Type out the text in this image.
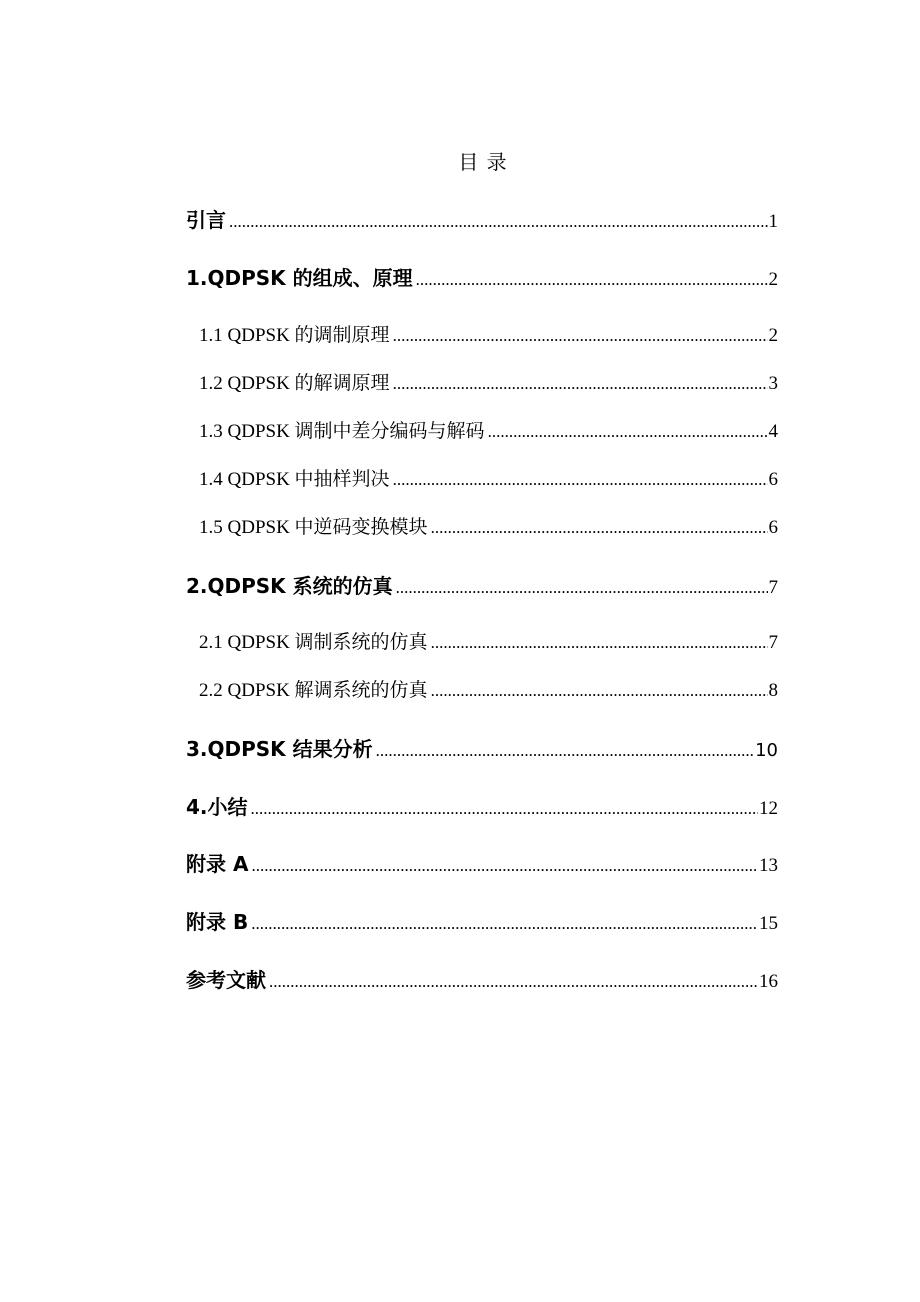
目 录
引言 .....	1
1.QDPSK 的组成、原理 .....	2
1.1 QDPSK 的调制原理 .....	2
1.2 QDPSK 的解调原理 .....	3
1.3 QDPSK 调制中差分编码与解码 .....	4
1.4 QDPSK 中抽样判决 .....	6
1.5 QDPSK 中逆码变换模块 .....	6
2.QDPSK 系统的仿真 .....	7
2.1 QDPSK 调制系统的仿真 .....	7
2.2 QDPSK 解调系统的仿真 .....	8
3.QDPSK 结果分析 .....	10
4.小结 .....	12
附录 A .....	13
附录 B .....	15
参考文献 .....	16
